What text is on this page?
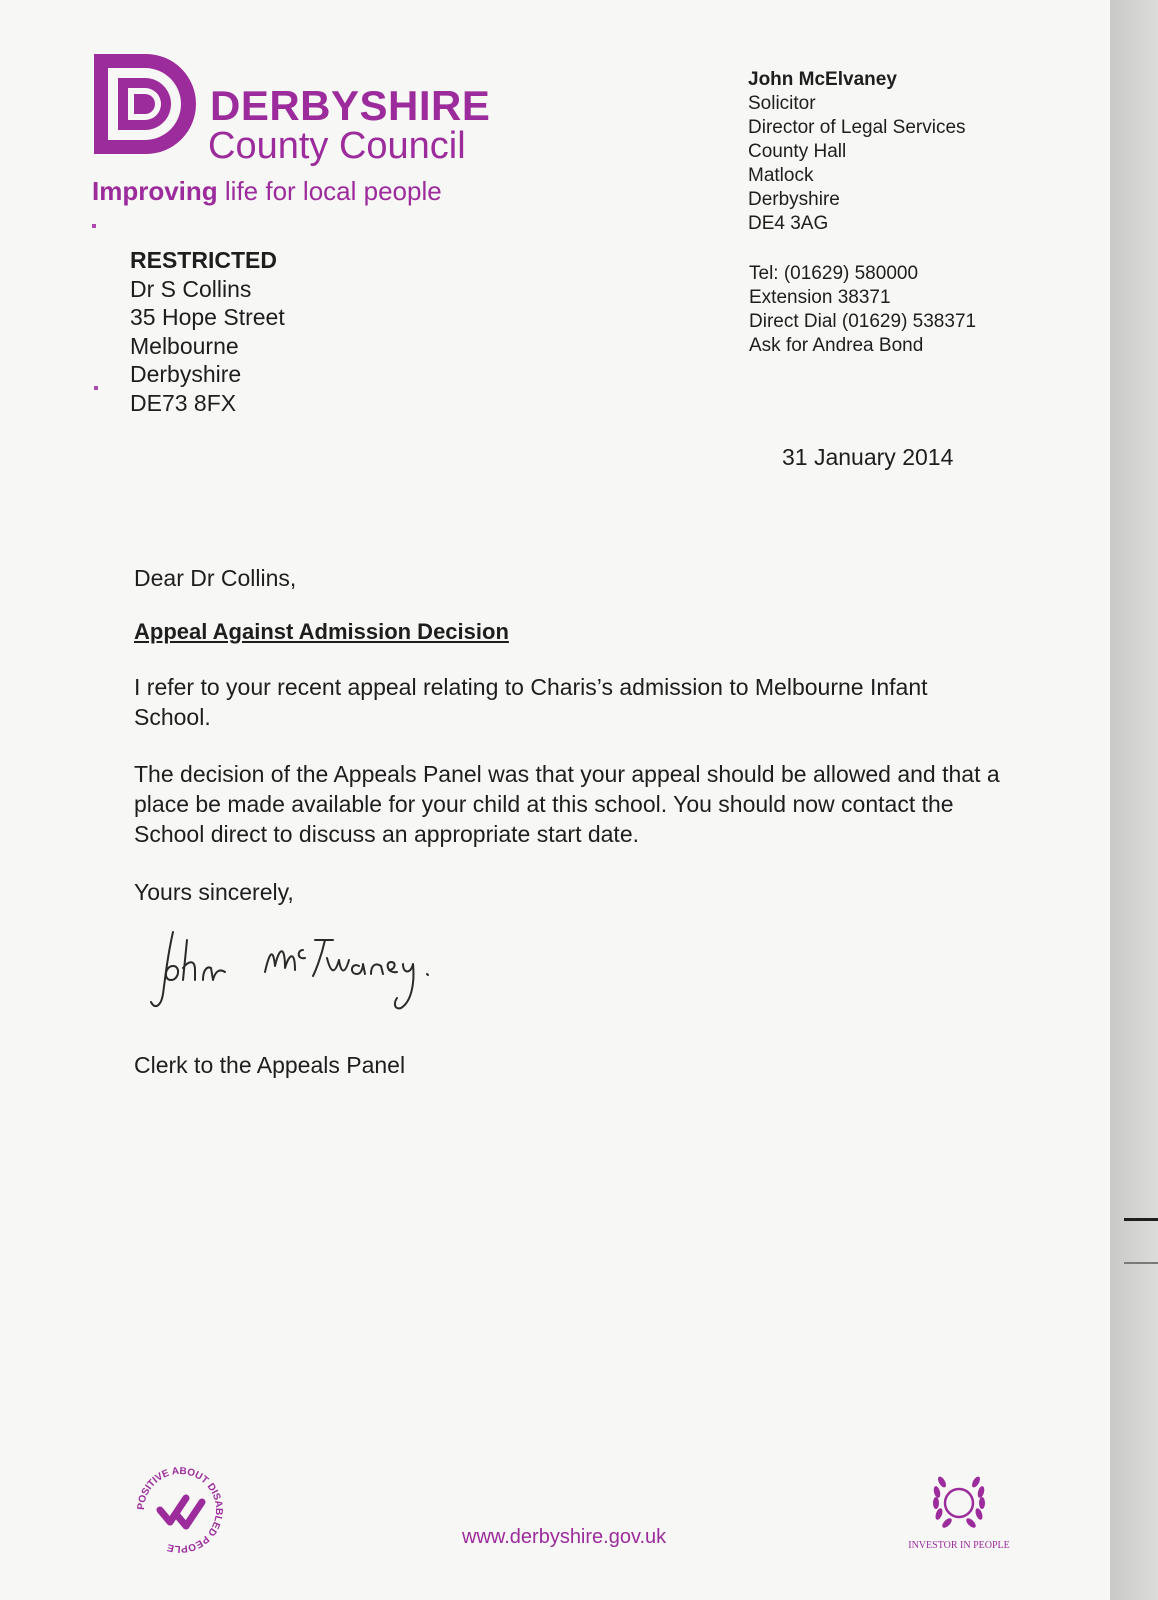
DERBYSHIRE
County Council
Improving life for local people
RESTRICTED
Dr S Collins
35 Hope Street
Melbourne
Derbyshire
DE73 8FX
John McElvaney
Solicitor
Director of Legal Services
County Hall
Matlock
Derbyshire
DE4 3AG
Tel: (01629) 580000
Extension 38371
Direct Dial (01629) 538371
Ask for Andrea Bond
31 January 2014
Dear Dr Collins,
Appeal Against Admission Decision
I refer to your recent appeal relating to Charis’s admission to Melbourne Infant School.
The decision of the Appeals Panel was that your appeal should be allowed and that a place be made available for your child at this school. You should now contact the School direct to discuss an appropriate start date.
Yours sincerely,
Clerk to the Appeals Panel
POSITIVE ABOUT DISABLED PEOPLE	www.derbyshire.gov.uk	INVESTOR IN PEOPLE
